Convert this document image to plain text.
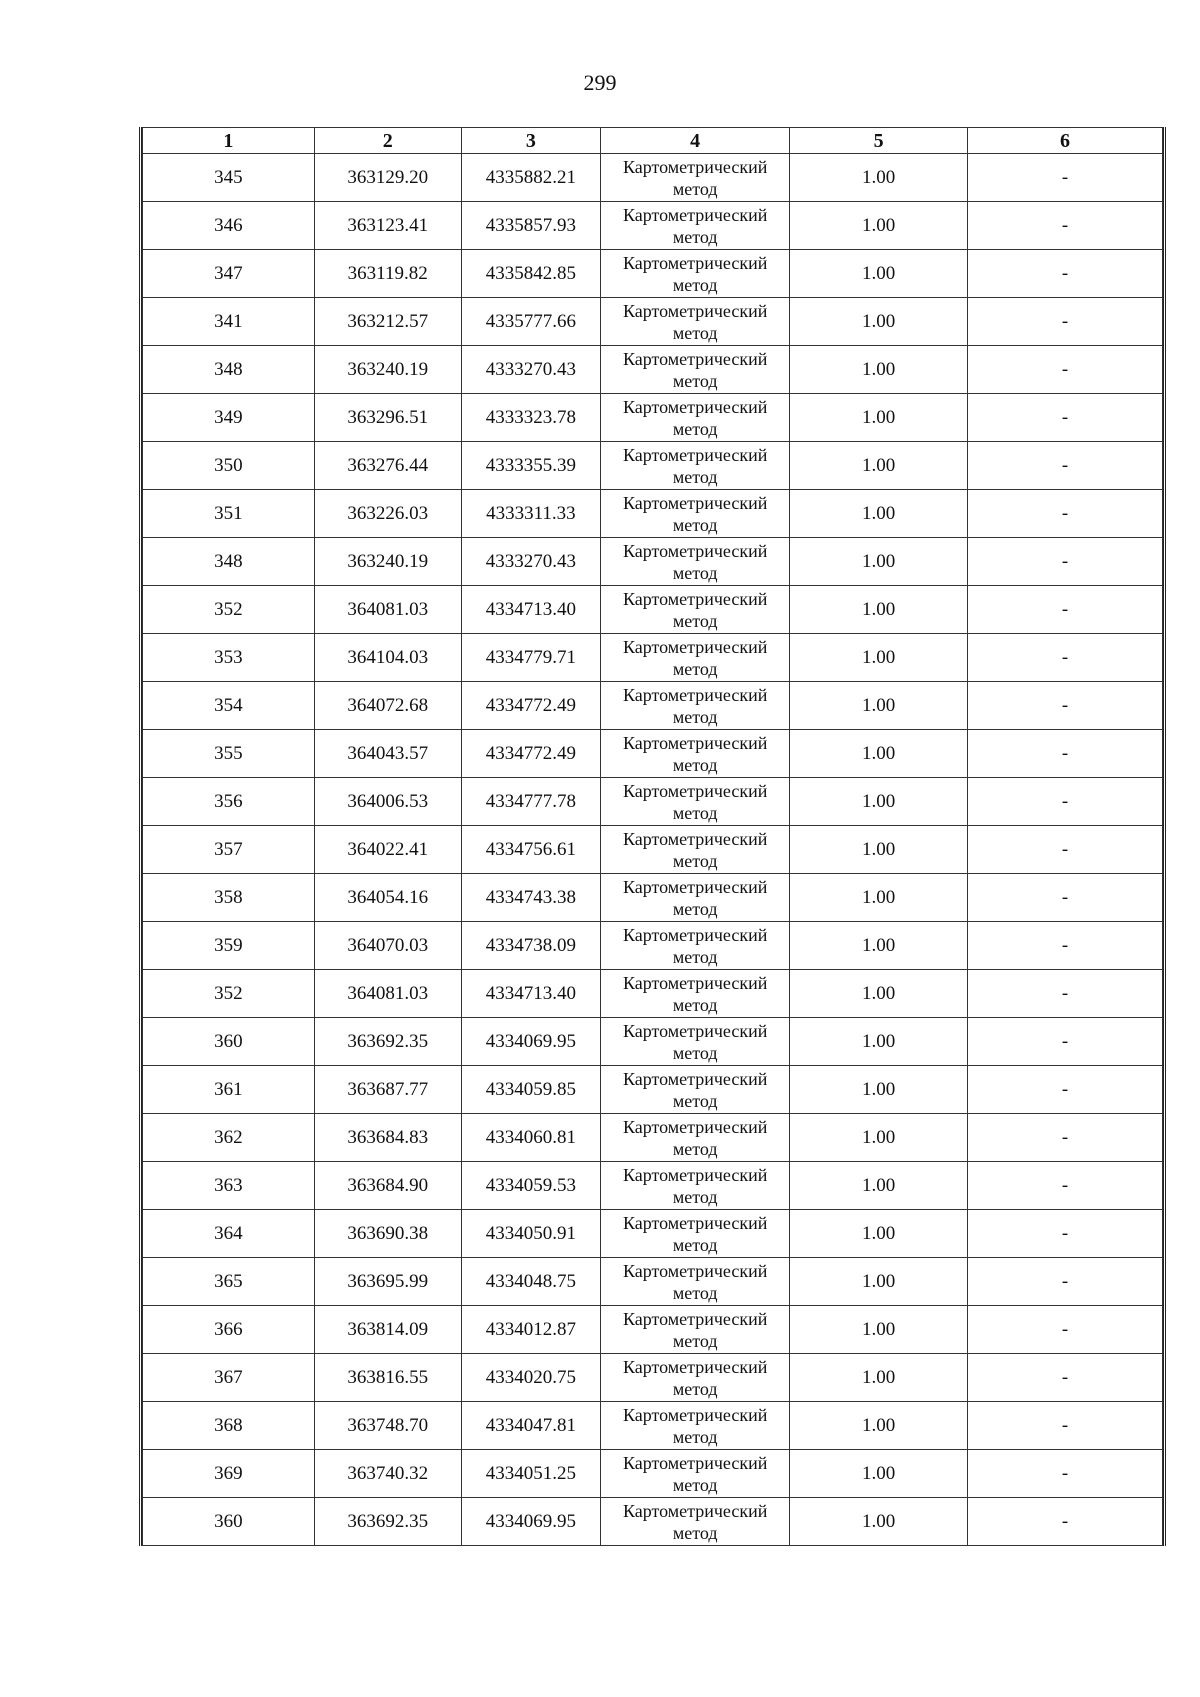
299
1	2	3	4	5	6
345	363129.20	4335882.21	Картометрический метод	1.00	-
346	363123.41	4335857.93	Картометрический метод	1.00	-
347	363119.82	4335842.85	Картометрический метод	1.00	-
341	363212.57	4335777.66	Картометрический метод	1.00	-
348	363240.19	4333270.43	Картометрический метод	1.00	-
349	363296.51	4333323.78	Картометрический метод	1.00	-
350	363276.44	4333355.39	Картометрический метод	1.00	-
351	363226.03	4333311.33	Картометрический метод	1.00	-
348	363240.19	4333270.43	Картометрический метод	1.00	-
352	364081.03	4334713.40	Картометрический метод	1.00	-
353	364104.03	4334779.71	Картометрический метод	1.00	-
354	364072.68	4334772.49	Картометрический метод	1.00	-
355	364043.57	4334772.49	Картометрический метод	1.00	-
356	364006.53	4334777.78	Картометрический метод	1.00	-
357	364022.41	4334756.61	Картометрический метод	1.00	-
358	364054.16	4334743.38	Картометрический метод	1.00	-
359	364070.03	4334738.09	Картометрический метод	1.00	-
352	364081.03	4334713.40	Картометрический метод	1.00	-
360	363692.35	4334069.95	Картометрический метод	1.00	-
361	363687.77	4334059.85	Картометрический метод	1.00	-
362	363684.83	4334060.81	Картометрический метод	1.00	-
363	363684.90	4334059.53	Картометрический метод	1.00	-
364	363690.38	4334050.91	Картометрический метод	1.00	-
365	363695.99	4334048.75	Картометрический метод	1.00	-
366	363814.09	4334012.87	Картометрический метод	1.00	-
367	363816.55	4334020.75	Картометрический метод	1.00	-
368	363748.70	4334047.81	Картометрический метод	1.00	-
369	363740.32	4334051.25	Картометрический метод	1.00	-
360	363692.35	4334069.95	Картометрический метод	1.00	-
